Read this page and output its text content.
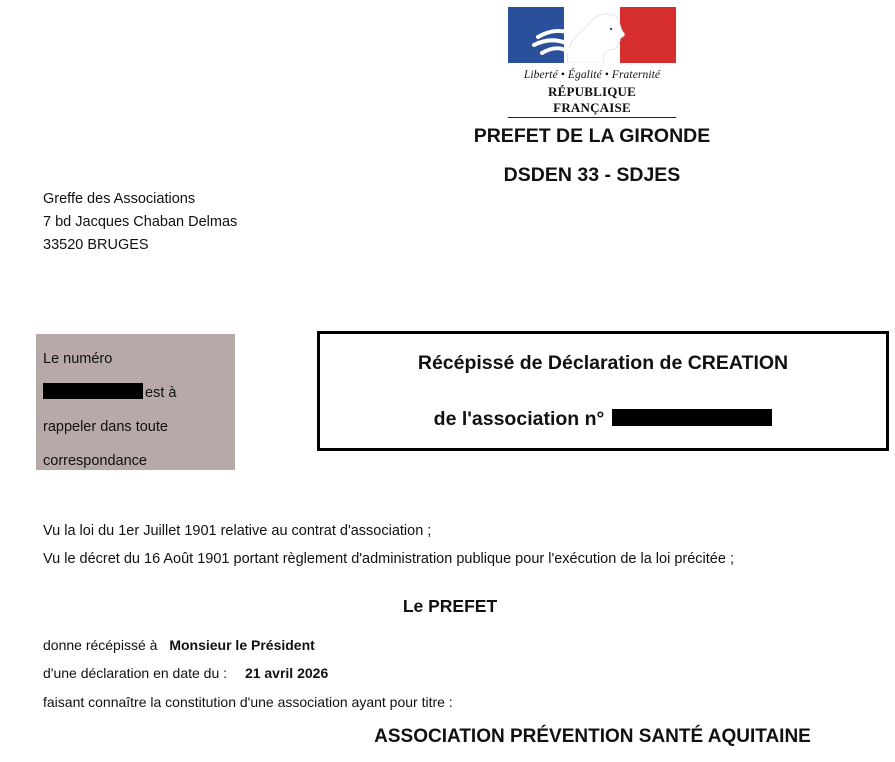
Liberté • Égalité • Fraternité
RÉPUBLIQUE FRANÇAISE
PREFET DE LA GIRONDE
DSDEN 33 - SDJES
Greffe des Associations
7 bd Jacques Chaban Delmas
33520 BRUGES
Le numéro
est à
rappeler dans toute
correspondance
Récépissé de Déclaration de CREATION
de l'association n°
Vu la loi du 1er Juillet 1901 relative au contrat d'association ;
Vu le décret du 16 Août 1901 portant règlement d'administration publique pour l'exécution de la loi précitée ;
Le PREFET
donne récépissé à Monsieur le Président
d'une déclaration en date du : 21 avril 2026
faisant connaître la constitution d'une association ayant pour titre :
ASSOCIATION PRÉVENTION SANTÉ AQUITAINE
